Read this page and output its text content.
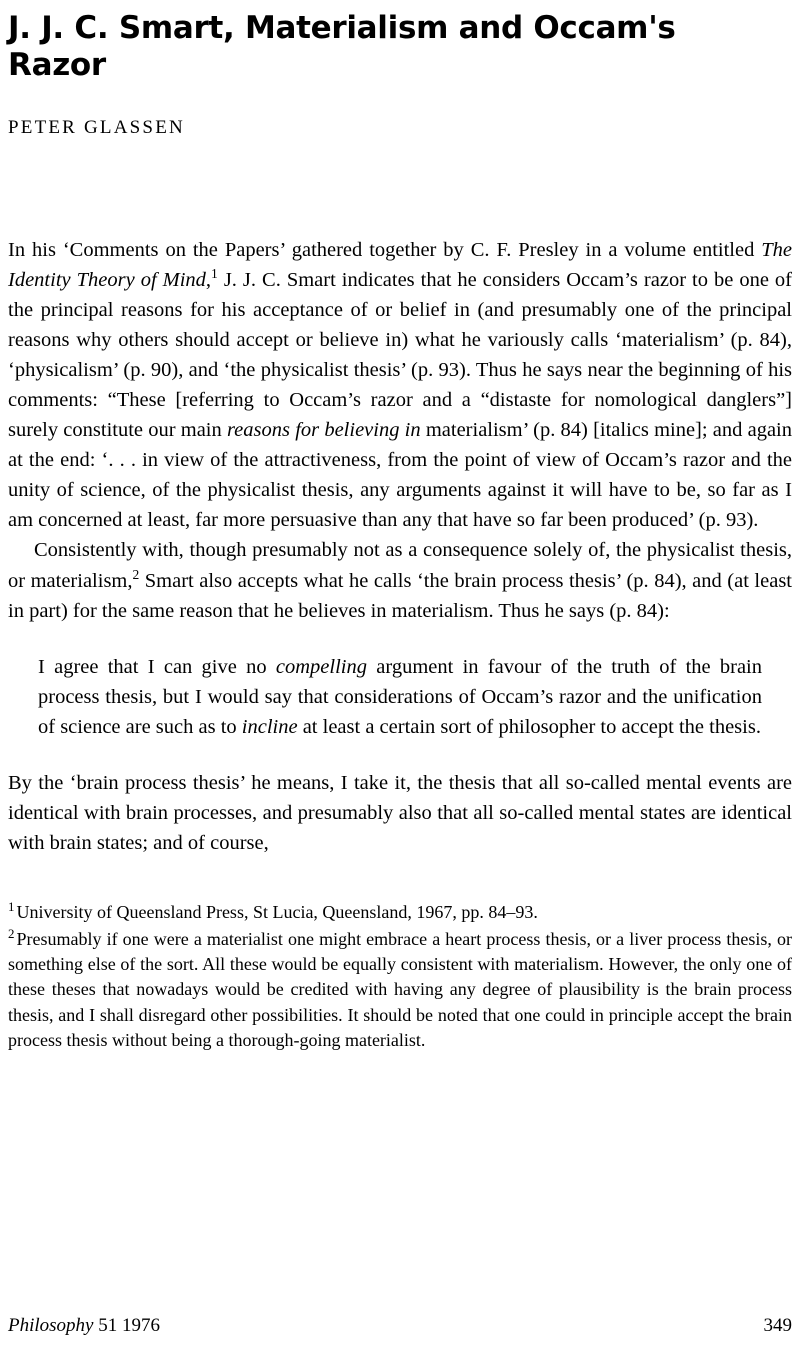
J. J. C. Smart, Materialism and Occam's Razor
PETER GLASSEN

In his ‘Comments on the Papers’ gathered together by C. F. Presley in a volume entitled The Identity Theory of Mind,$^1$ J. J. C. Smart indicates that he considers Occam’s razor to be one of the principal reasons for his acceptance of or belief in (and presumably one of the principal reasons why others should accept or believe in) what he variously calls ‘materialism’ (p. 84), ‘physicalism’ (p. 90), and ‘the physicalist thesis’ (p. 93). Thus he says near the beginning of his comments: “These [referring to Occam’s razor and a “distaste for nomological danglers”] surely constitute our main reasons for believing in materialism’ (p. 84) [italics mine]; and again at the end: ‘. . . in view of the attractiveness, from the point of view of Occam’s razor and the unity of science, of the physicalist thesis, any arguments against it will have to be, so far as I am concerned at least, far more persuasive than any that have so far been produced’ (p. 93).

Consistently with, though presumably not as a consequence solely of, the physicalist thesis, or materialism,$^2$ Smart also accepts what he calls ‘the brain process thesis’ (p. 84), and (at least in part) for the same reason that he believes in materialism. Thus he says (p. 84):

I agree that I can give no compelling argument in favour of the truth of the brain process thesis, but I would say that considerations of Occam’s razor and the unification of science are such as to incline at least a certain sort of philosopher to accept the thesis.

By the ‘brain process thesis’ he means, I take it, the thesis that all so-called mental events are identical with brain processes, and presumably also that all so-called mental states are identical with brain states; and of course,

$^1$ University of Queensland Press, St Lucia, Queensland, 1967, pp. 84–93.

$^2$ Presumably if one were a materialist one might embrace a heart process thesis, or a liver process thesis, or something else of the sort. All these would be equally consistent with materialism. However, the only one of these theses that nowadays would be credited with having any degree of plausibility is the brain process thesis, and I shall disregard other possibilities. It should be noted that one could in principle accept the brain process thesis without being a thorough-going materialist.

Philosophy 51 1976	349
